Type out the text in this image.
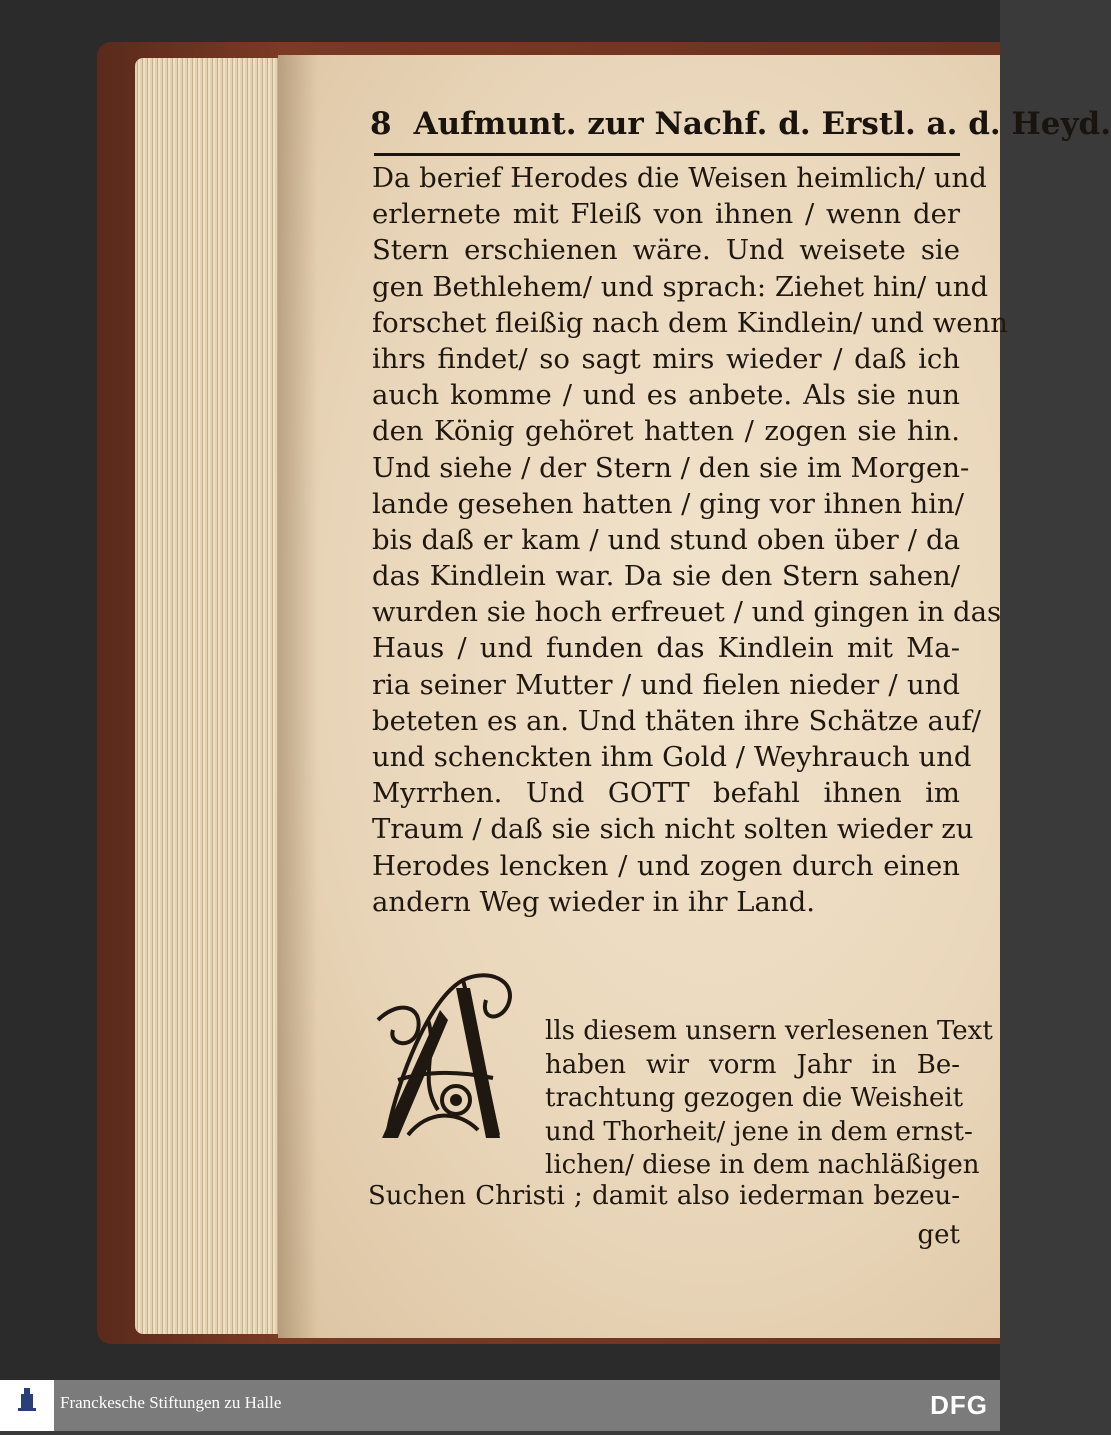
8 Aufmunt. zur Nachf. d. Erstl. a. d. Heyd.
Da berief Herodes die Weisen heimlich/ und
erlernete mit Fleiß von ihnen / wenn der
Stern erschienen wäre. Und weisete sie
gen Bethlehem/ und sprach: Ziehet hin/ und
forschet fleißig nach dem Kindlein/ und wenn
ihrs findet/ so sagt mirs wieder / daß ich
auch komme / und es anbete. Als sie nun
den König gehöret hatten / zogen sie hin.
Und siehe / der Stern / den sie im Morgen-
lande gesehen hatten / ging vor ihnen hin/
bis daß er kam / und stund oben über / da
das Kindlein war. Da sie den Stern sahen/
wurden sie hoch erfreuet / und gingen in das
Haus / und funden das Kindlein mit Ma-
ria seiner Mutter / und fielen nieder / und
beteten es an. Und thäten ihre Schätze auf/
und schenckten ihm Gold / Weyhrauch und
Myrrhen. Und GOTT befahl ihnen im
Traum / daß sie sich nicht solten wieder zu
Herodes lencken / und zogen durch einen
andern Weg wieder in ihr Land.
lls diesem unsern verlesenen Text
haben wir vorm Jahr in Be-
trachtung gezogen die Weisheit
und Thorheit/ jene in dem ernst-
lichen/ diese in dem nachläßigen
Suchen Christi ; damit also iederman bezeu-
get
Franckesche Stiftungen zu Halle	DFG
